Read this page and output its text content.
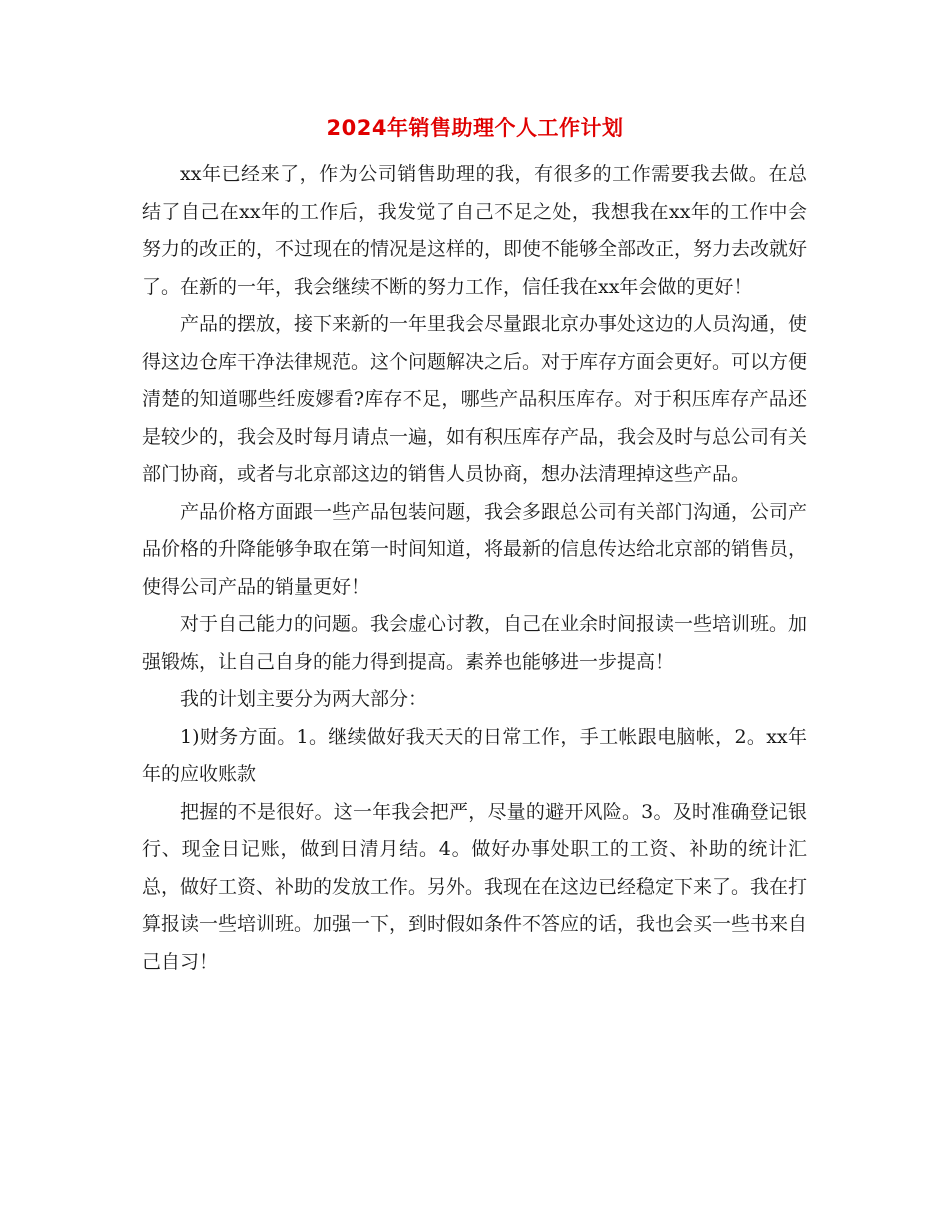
2024年销售助理个人工作计划

xx年已经来了，作为公司销售助理的我，有很多的工作需要我去做。在总结了自己在xx年的工作后，我发觉了自己不足之处，我想我在xx年的工作中会努力的改正的，不过现在的情况是这样的，即使不能够全部改正，努力去改就好了。在新的一年，我会继续不断的努力工作，信任我在xx年会做的更好！

产品的摆放，接下来新的一年里我会尽量跟北京办事处这边的人员沟通，使得这边仓库干净法律规范。这个问题解决之后。对于库存方面会更好。可以方便清楚的知道哪些纴废嫪看?库存不足，哪些产品积压库存。对于积压库存产品还是较少的，我会及时每月请点一遍，如有积压库存产品，我会及时与总公司有关部门协商，或者与北京部这边的销售人员协商，想办法清理掉这些产品。

产品价格方面跟一些产品包装问题，我会多跟总公司有关部门沟通，公司产品价格的升降能够争取在第一时间知道，将最新的信息传达给北京部的销售员，使得公司产品的销量更好！

对于自己能力的问题。我会虚心讨教，自己在业余时间报读一些培训班。加强锻炼，让自己自身的能力得到提高。素养也能够进一步提高！

我的计划主要分为两大部分：

1)财务方面。1。继续做好我天天的日常工作，手工帐跟电脑帐，2。xx年年的应收账款

把握的不是很好。这一年我会把严，尽量的避开风险。3。及时准确登记银行、现金日记账，做到日清月结。4。做好办事处职工的工资、补助的统计汇总，做好工资、补助的发放工作。另外。我现在在这边已经稳定下来了。我在打算报读一些培训班。加强一下，到时假如条件不答应的话，我也会买一些书来自己自习！
